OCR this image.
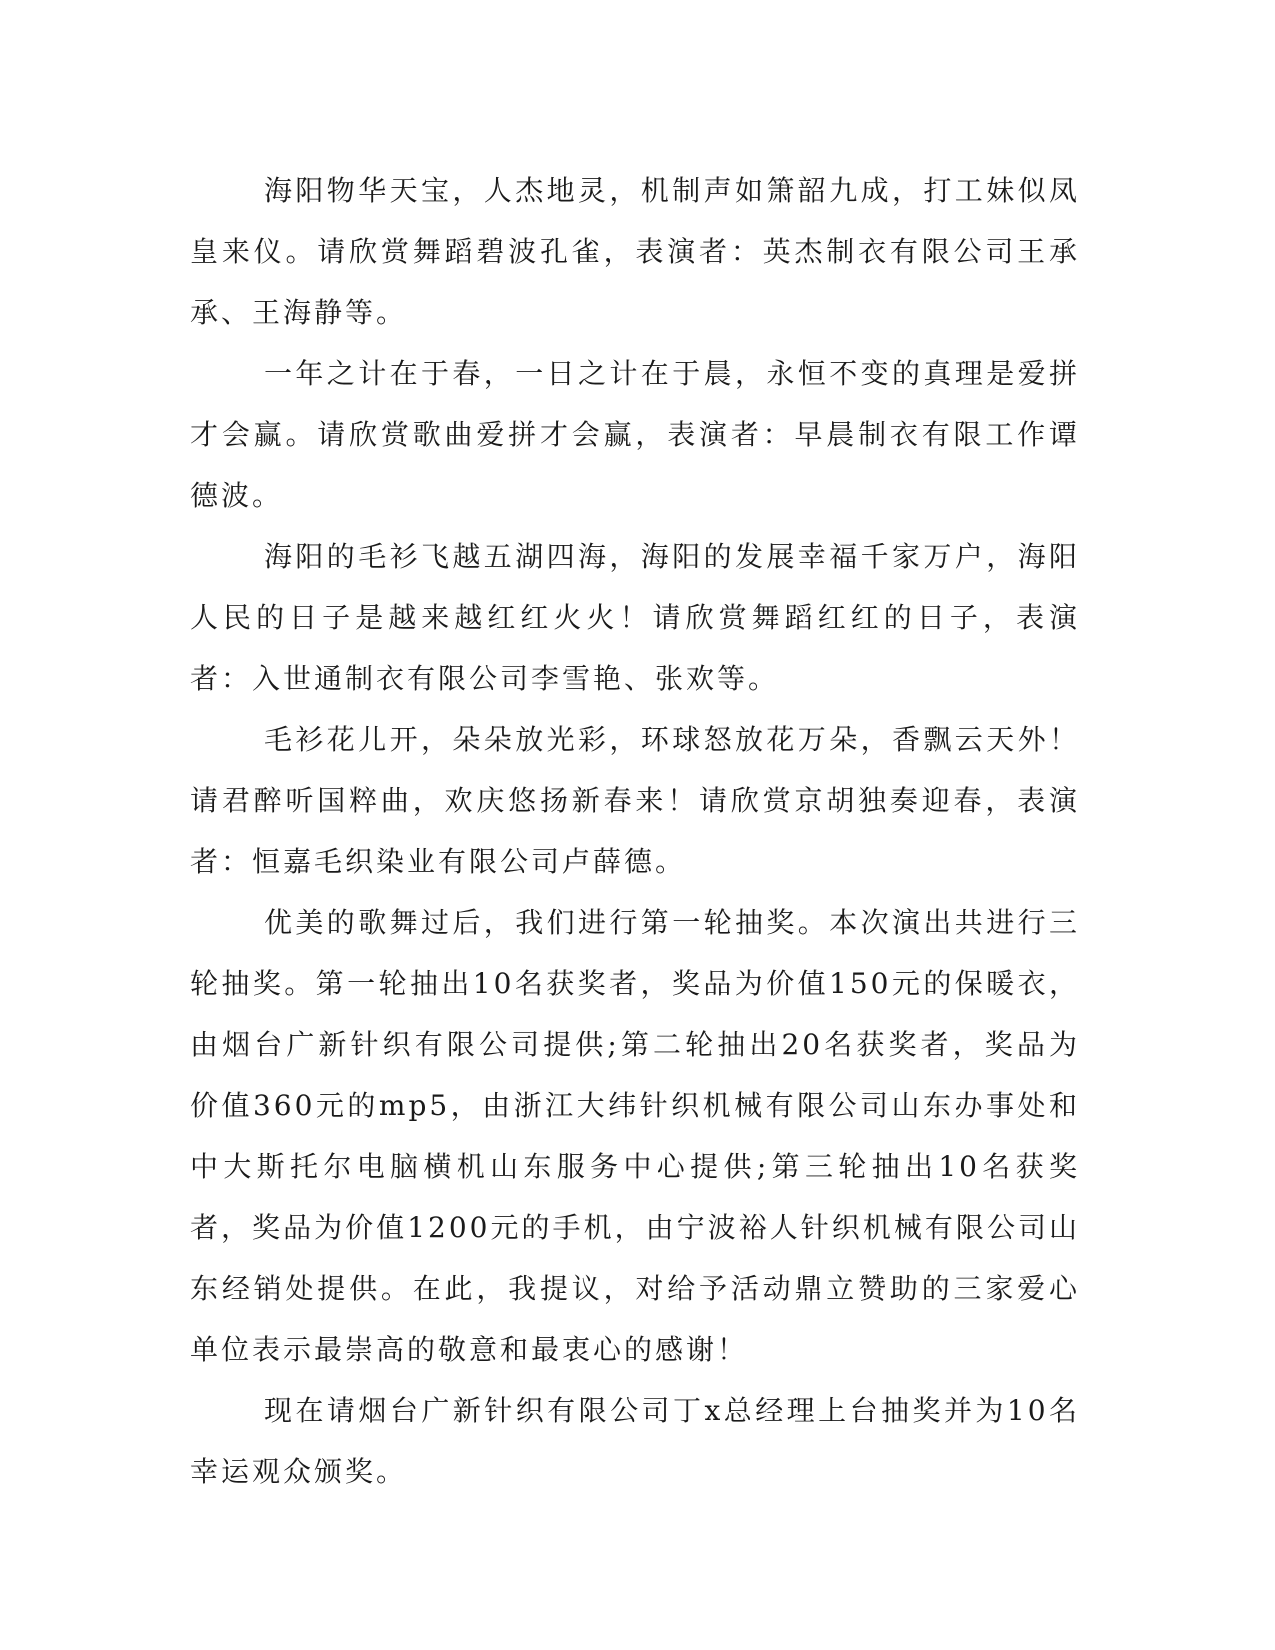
海阳物华天宝，人杰地灵，机制声如箫韶九成，打工妹似凤皇来仪。请欣赏舞蹈碧波孔雀，表演者：英杰制衣有限公司王承承、王海静等。

一年之计在于春，一日之计在于晨，永恒不变的真理是爱拼才会赢。请欣赏歌曲爱拼才会赢，表演者：早晨制衣有限工作谭德波。

海阳的毛衫飞越五湖四海，海阳的发展幸福千家万户，海阳人民的日子是越来越红红火火！请欣赏舞蹈红红的日子，表演者：入世通制衣有限公司李雪艳、张欢等。

毛衫花儿开，朵朵放光彩，环球怒放花万朵，香飘云天外！请君醉听国粹曲，欢庆悠扬新春来！请欣赏京胡独奏迎春，表演者：恒嘉毛织染业有限公司卢薛德。

优美的歌舞过后，我们进行第一轮抽奖。本次演出共进行三轮抽奖。第一轮抽出10名获奖者，奖品为价值150元的保暖衣，由烟台广新针织有限公司提供;第二轮抽出20名获奖者，奖品为价值360元的mp5，由浙江大纬针织机械有限公司山东办事处和中大斯托尔电脑横机山东服务中心提供;第三轮抽出10名获奖者，奖品为价值1200元的手机，由宁波裕人针织机械有限公司山东经销处提供。在此，我提议，对给予活动鼎立赞助的三家爱心单位表示最崇高的敬意和最衷心的感谢！

现在请烟台广新针织有限公司丁x总经理上台抽奖并为10名幸运观众颁奖。
